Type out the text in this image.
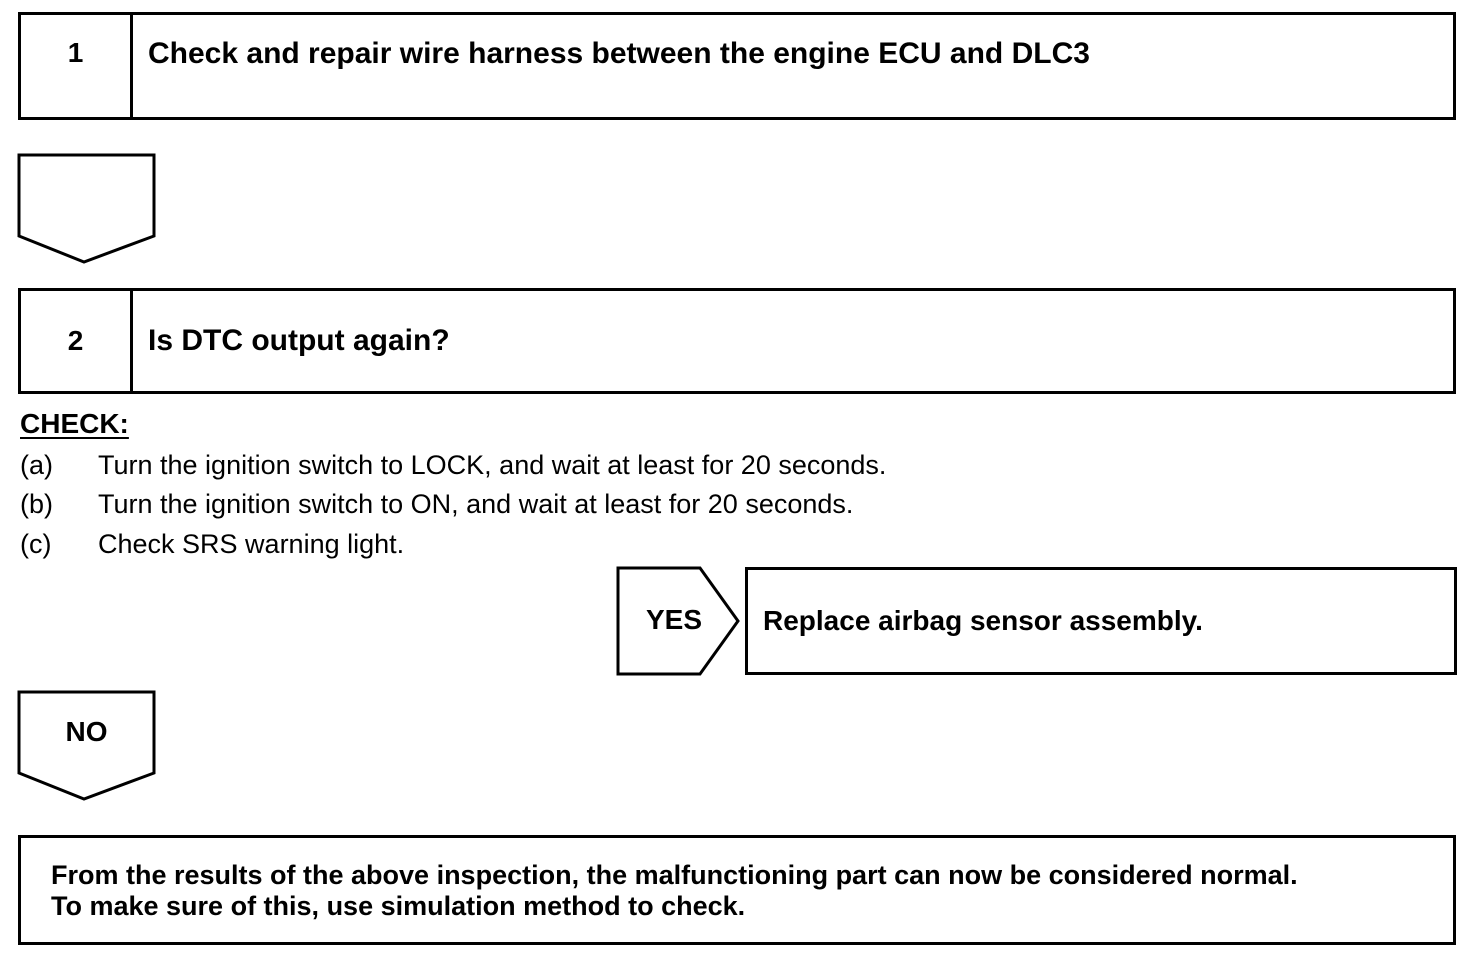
1	Check and repair wire harness between the engine ECU and DLC3
2	Is DTC output again?
CHECK:
(a) Turn the ignition switch to LOCK, and wait at least for 20 seconds.
(b) Turn the ignition switch to ON, and wait at least for 20 seconds.
(c) Check SRS warning light.
YES	Replace airbag sensor assembly.
NO
From the results of the above inspection, the malfunctioning part can now be considered normal.
To make sure of this, use simulation method to check.
